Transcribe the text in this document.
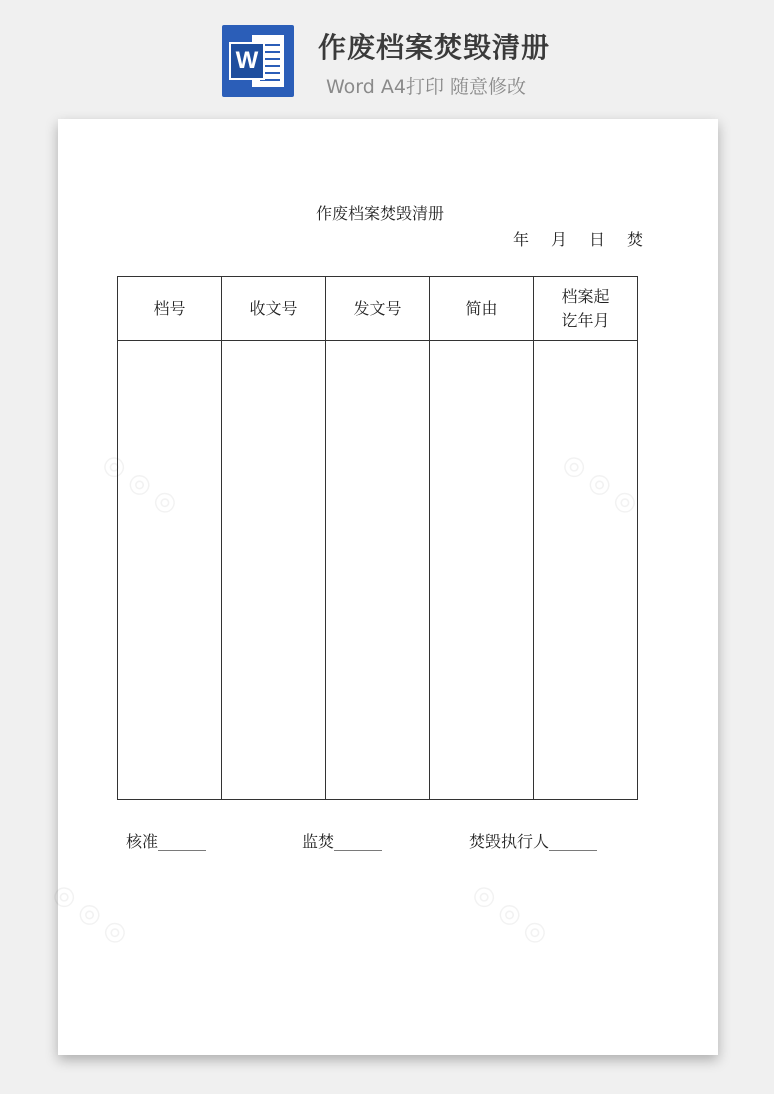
W 作废档案焚毁清册
Word A4打印 随意修改
◎ ◎ ◎	◎ ◎ ◎
◎ ◎ ◎	◎ ◎ ◎
作废档案焚毁清册
年 月 日 焚
档号	收文号	发文号	简由	档案起
讫年月

核准______	监焚______	焚毁执行人______
